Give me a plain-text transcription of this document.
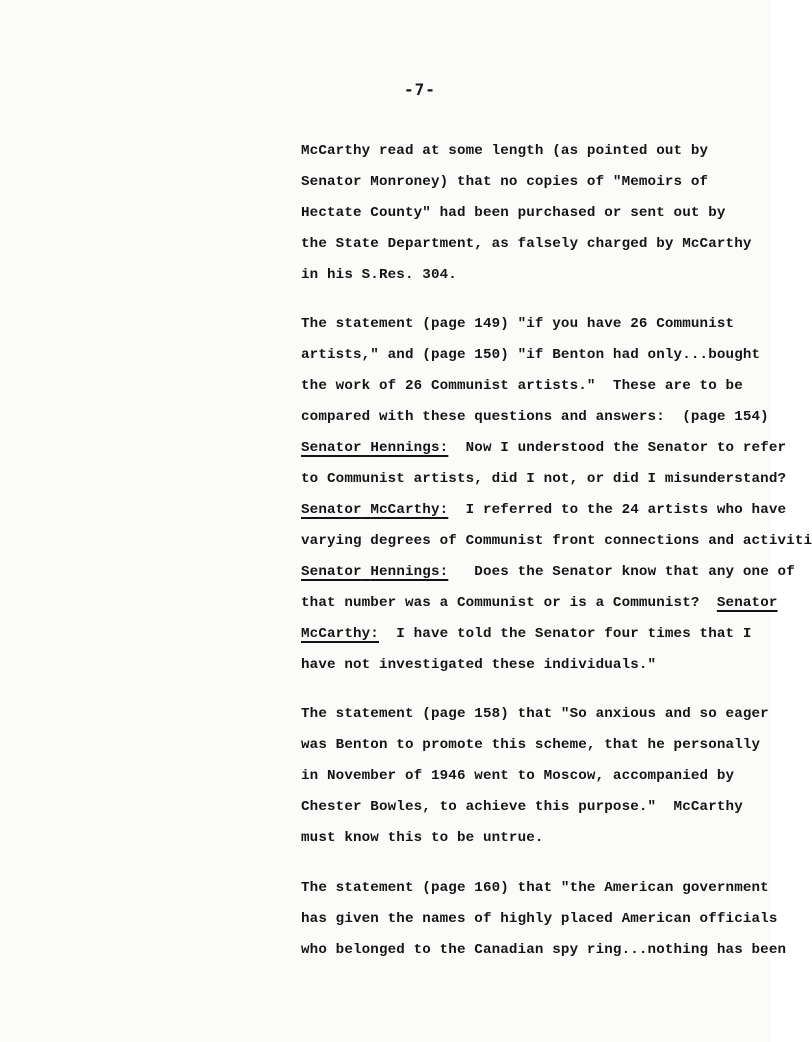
-7-
McCarthy read at some length (as pointed out by
Senator Monroney) that no copies of "Memoirs of
Hectate County" had been purchased or sent out by
the State Department, as falsely charged by McCarthy
in his S.Res. 304.
The statement (page 149) "if you have 26 Communist
artists," and (page 150) "if Benton had only...bought
the work of 26 Communist artists."  These are to be
compared with these questions and answers:  (page 154)
Senator Hennings:  Now I understood the Senator to refer
to Communist artists, did I not, or did I misunderstand?
Senator McCarthy:  I referred to the 24 artists who have
varying degrees of Communist front connections and activiti
Senator Hennings:   Does the Senator know that any one of
that number was a Communist or is a Communist?  Senator
McCarthy:  I have told the Senator four times that I
have not investigated these individuals."
The statement (page 158) that "So anxious and so eager
was Benton to promote this scheme, that he personally
in November of 1946 went to Moscow, accompanied by
Chester Bowles, to achieve this purpose."  McCarthy
must know this to be untrue.
The statement (page 160) that "the American government
has given the names of highly placed American officials
who belonged to the Canadian spy ring...nothing has been
